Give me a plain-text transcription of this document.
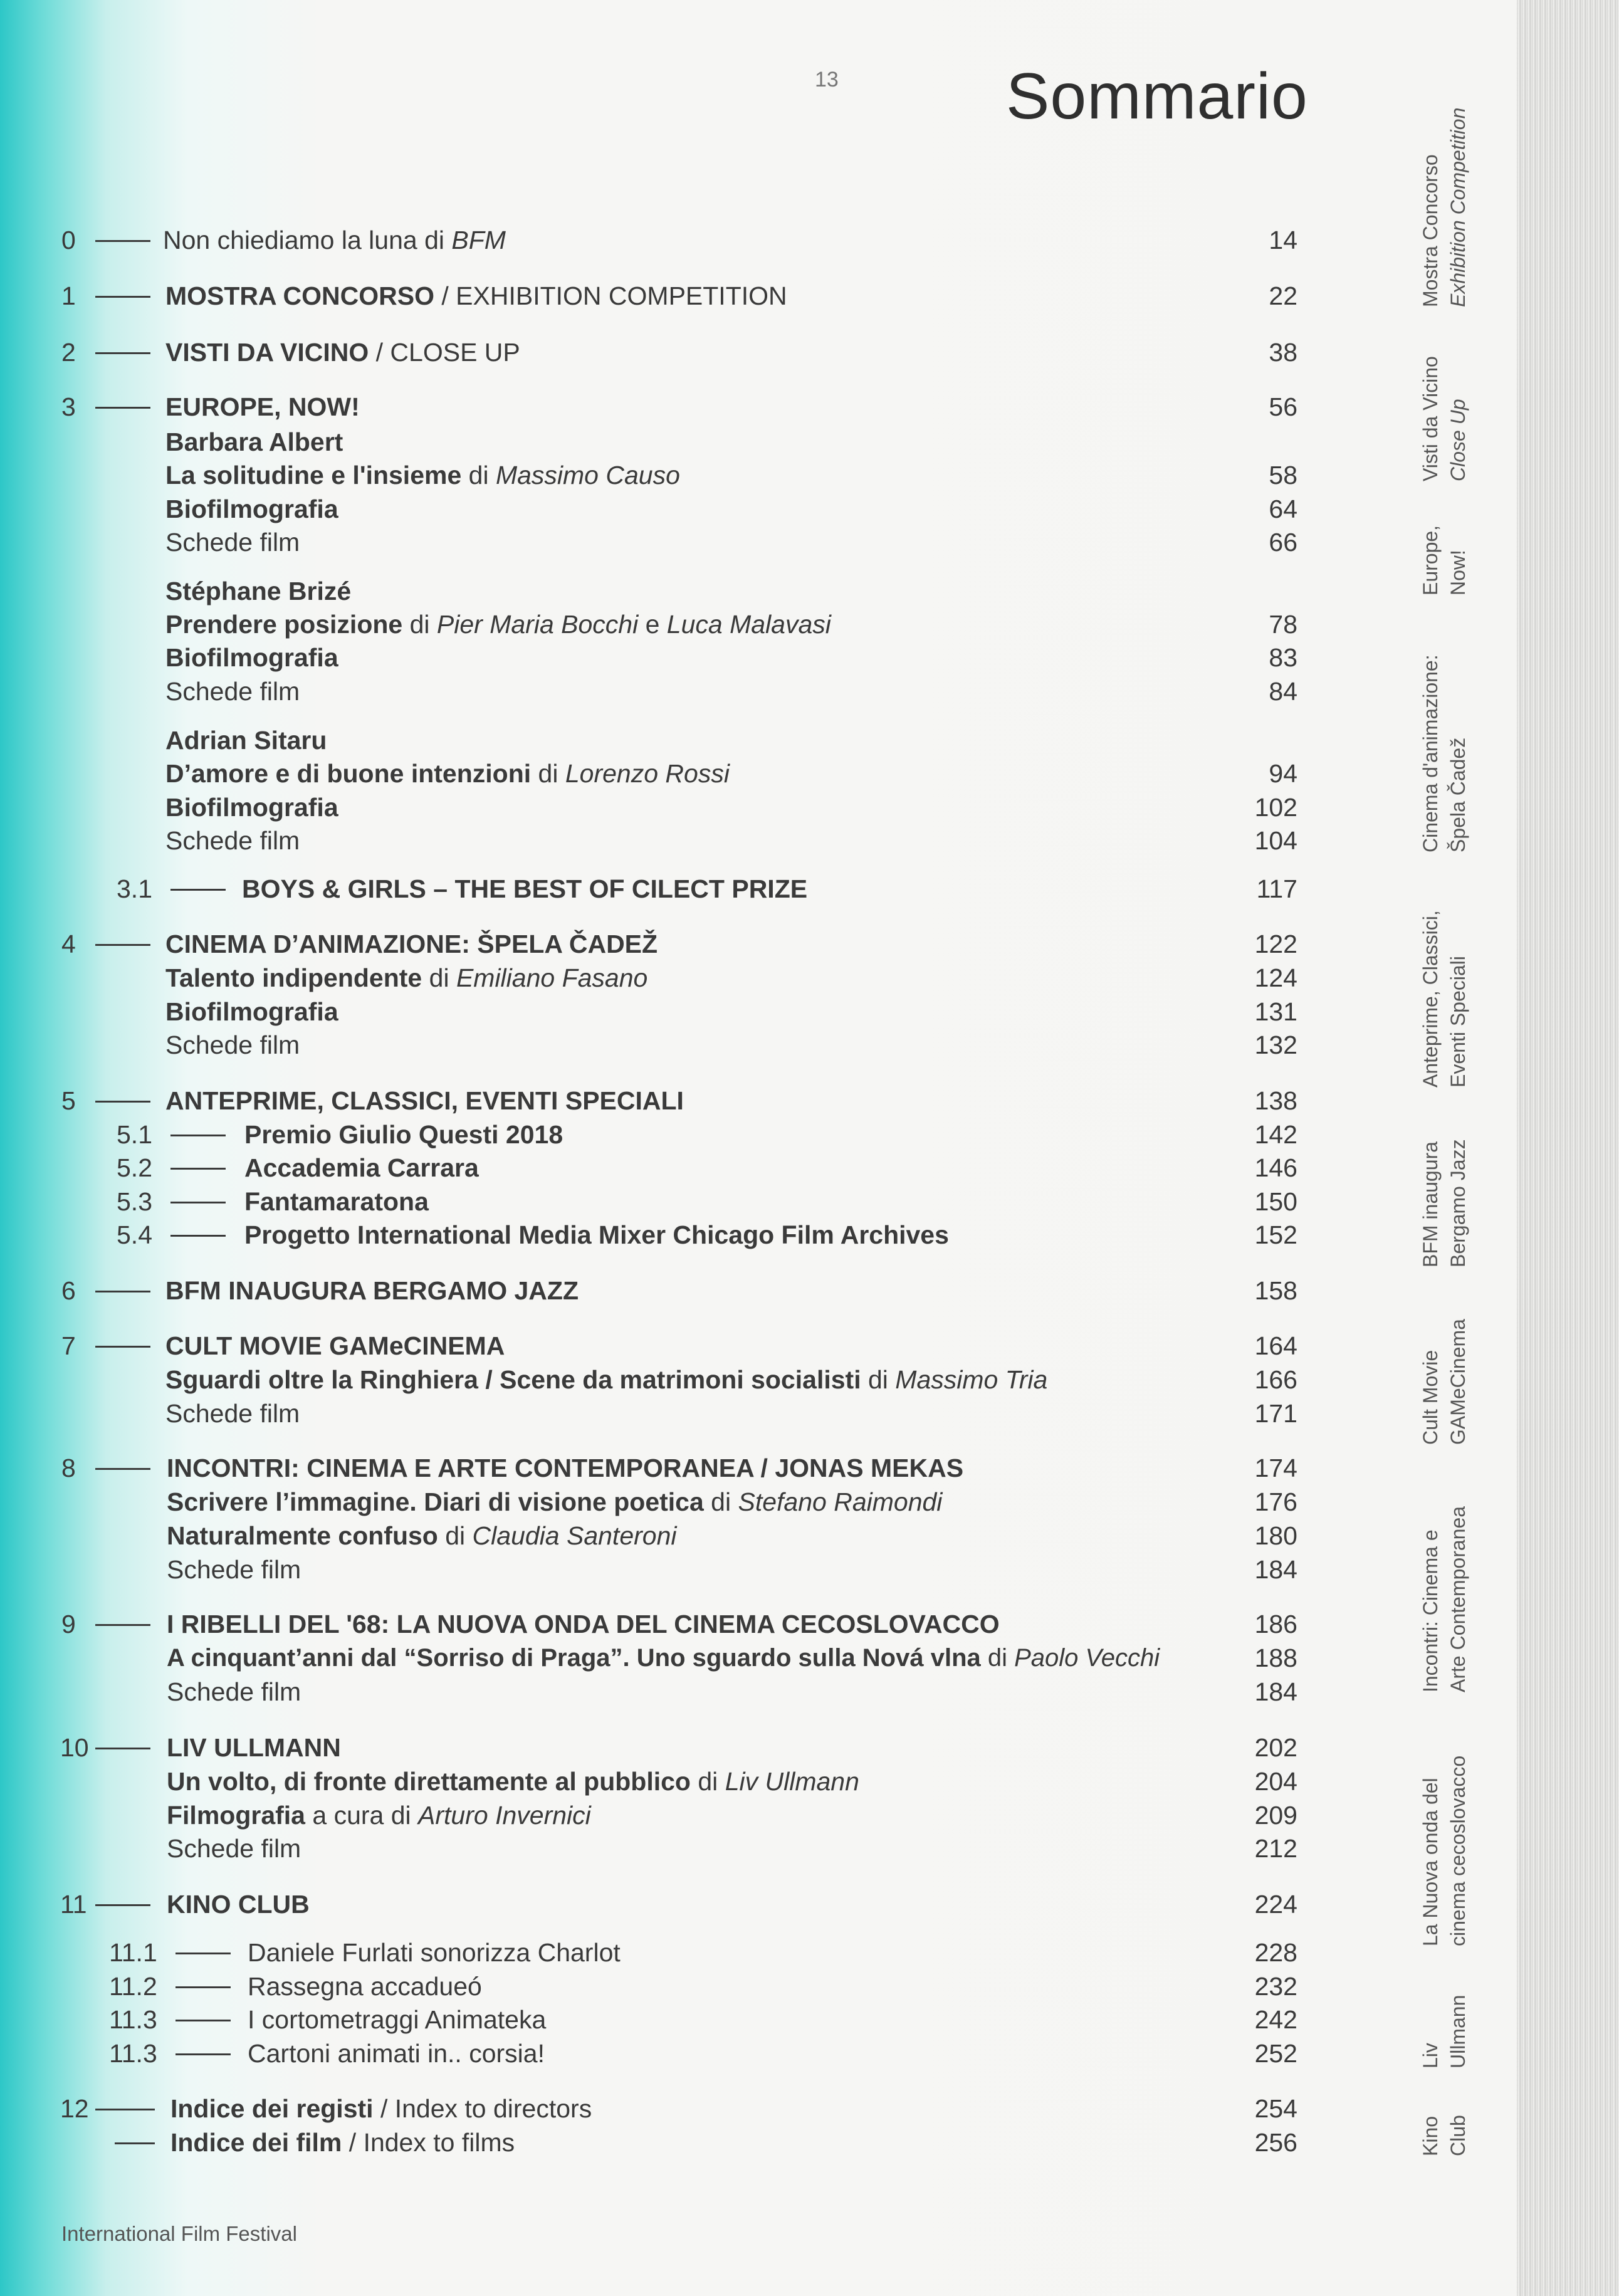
13	Sommario
0	Non chiediamo la luna di BFM	14
1	MOSTRA CONCORSO / EXHIBITION COMPETITION	22
2	VISTI DA VICINO / CLOSE UP	38
3	EUROPE, NOW!	56
Barbara Albert
La solitudine e l'insieme di Massimo Causo	58
Biofilmografia	64
Schede film	66
Stéphane Brizé
Prendere posizione di Pier Maria Bocchi e Luca Malavasi	78
Biofilmografia	83
Schede film	84
Adrian Sitaru
D’amore e di buone intenzioni di Lorenzo Rossi	94
Biofilmografia	102
Schede film	104
3.1	BOYS & GIRLS – THE BEST OF CILECT PRIZE	117
4	CINEMA D’ANIMAZIONE: ŠPELA ČADEŽ	122
Talento indipendente di Emiliano Fasano	124
Biofilmografia	131
Schede film	132
5	ANTEPRIME, CLASSICI, EVENTI SPECIALI	138
5.1	Premio Giulio Questi 2018	142
5.2	Accademia Carrara	146
5.3	Fantamaratona	150
5.4	Progetto International Media Mixer Chicago Film Archives	152
6	BFM INAUGURA BERGAMO JAZZ	158
7	CULT MOVIE GAMeCINEMA	164
Sguardi oltre la Ringhiera / Scene da matrimoni socialisti di Massimo Tria	166
Schede film	171
8	INCONTRI: CINEMA E ARTE CONTEMPORANEA / JONAS MEKAS	174
Scrivere l’immagine. Diari di visione poetica di Stefano Raimondi	176
Naturalmente confuso di Claudia Santeroni	180
Schede film	184
9	I RIBELLI DEL '68: LA NUOVA ONDA DEL CINEMA CECOSLOVACCO	186
A cinquant’anni dal “Sorriso di Praga”. Uno sguardo sulla Nová vlna di Paolo Vecchi	188
Schede film	184
10	LIV ULLMANN	202
Un volto, di fronte direttamente al pubblico di Liv Ullmann	204
Filmografia a cura di Arturo Invernici	209
Schede film	212
11	KINO CLUB	224
11.1	Daniele Furlati sonorizza Charlot	228
11.2	Rassegna accadueó	232
11.3	I cortometraggi Animateka	242
11.3	Cartoni animati in.. corsia!	252
12	Indice dei registi / Index to directors	254
Indice dei film / Index to films	256
Mostra Concorso Exhibition Competition
Visti da Vicino Close Up
Europe, Now!
Cinema d'animazione: Špela Čadež
Anteprime, Classici, Eventi Speciali
BFM inaugura Bergamo Jazz
Cult Movie GAMeCinema
Incontri: Cinema e Arte Contemporanea
La Nuova onda del cinema cecoslovacco
Liv Ullmann
Kino Club
International Film Festival
